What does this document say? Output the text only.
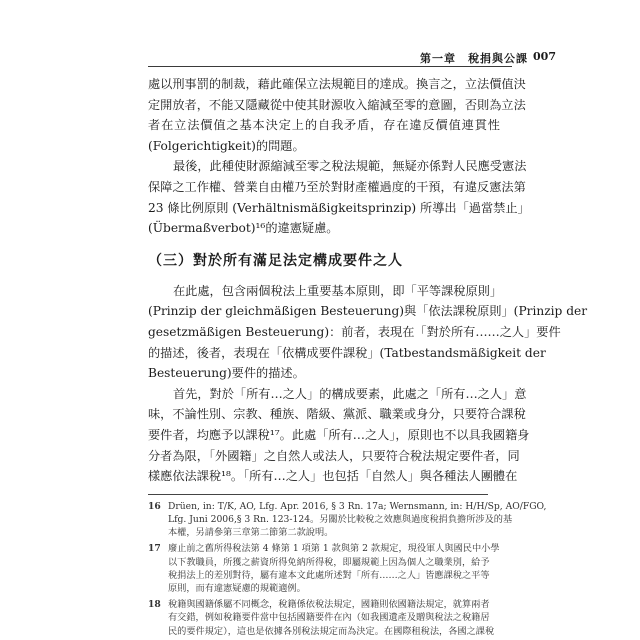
第一章　稅捐與公課 007
處以刑事罰的制裁，藉此確保立法規範目的達成。換言之，立法價值決
定開放者，不能又隱藏從中使其財源收入縮減至零的意圖，否則為立法
者在立法價值之基本決定上的自我矛盾，存在違反價值連貫性
(Folgerichtigkeit)的問題。
最後，此種使財源縮減至零之稅法規範，無疑亦係對人民應受憲法
保障之工作權、營業自由權乃至於對財產權過度的干預，有違反憲法第
23 條比例原則 (Verhältnismäßigkeitsprinzip) 所導出「過當禁止」
(Übermaßverbot)¹⁶的違憲疑慮。
（三）對於所有滿足法定構成要件之人
在此處，包含兩個稅法上重要基本原則，即「平等課稅原則」
(Prinzip der gleichmäßigen Besteuerung)與「依法課稅原則」(Prinzip der
gesetzmäßigen Besteuerung)：前者，表現在「對於所有……之人」要件
的描述，後者，表現在「依構成要件課稅」(Tatbestandsmäßigkeit der
Besteuerung)要件的描述。
首先，對於「所有…之人」的構成要素，此處之「所有…之人」意
味，不論性別、宗教、種族、階級、黨派、職業或身分，只要符合課稅
要件者，均應予以課稅¹⁷。此處「所有…之人」，原則也不以具我國籍身
分者為限，「外國籍」之自然人或法人，只要符合稅法規定要件者，同
樣應依法課稅¹⁸。「所有…之人」也包括「自然人」與各種法人團體在
16 Drüen, in: T/K, AO, Lfg. Apr. 2016, § 3 Rn. 17a; Wernsmann, in: H/H/Sp, AO/FGO,
Lfg. Juni 2006,§ 3 Rn. 123-124。另關於比較稅之效應與過度稅捐負擔所涉及的基
本權，另請參第三章第二節第二款說明。
17 廢止前之舊所得稅法第 4 條第 1 項第 1 款與第 2 款規定，現役軍人與國民中小學
以下教職員，所獲之薪資所得免納所得稅，即屬規範上因為個人之職業別，給予
稅捐法上的差別對待，屬有違本文此處所述對「所有……之人」皆應課稅之平等
原則，而有違憲疑慮的規範適例。
18 稅籍與國籍係屬不同概念，稅籍係依稅法規定，國籍則依國籍法規定，就算兩者
有交錯，例如稅籍要件當中包括國籍要件在內（如我國遺產及贈與稅法之稅籍居
民的要件規定），這也是依據各別稅法規定而為決定。在國際租稅法，各國之課稅
